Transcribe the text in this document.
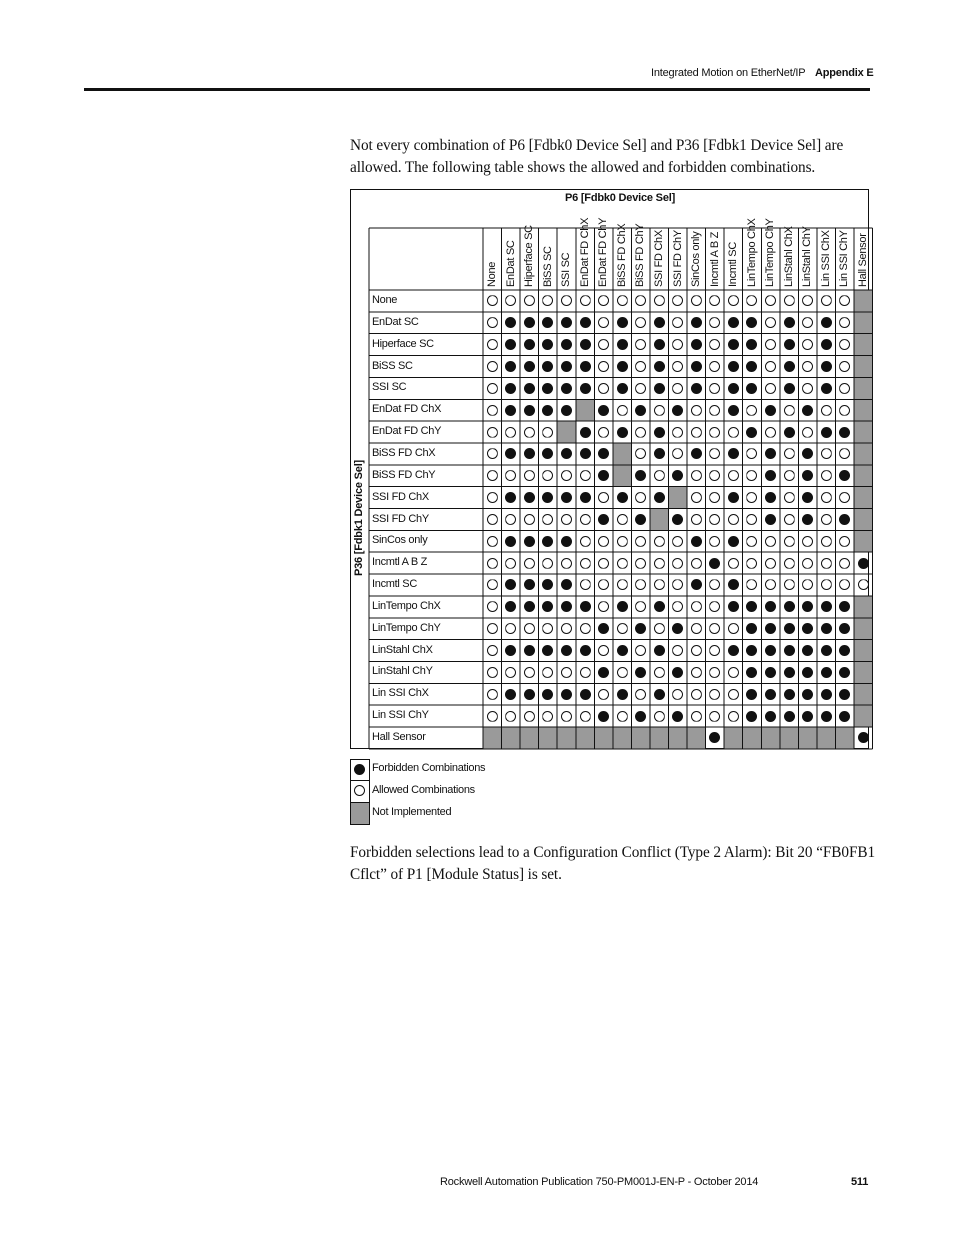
Integrated Motion on EtherNet/IP Appendix E

Not every combination of P6 [Fdbk0 Device Sel] and P36 [Fdbk1 Device Sel] are allowed. The following table shows the allowed and forbidden combinations.

P6 [Fdbk0 Device Sel]
P36 [Fdbk1 Device Sel]
None EnDat SC Hiperface SC BiSS SC SSI SC EnDat FD ChX EnDat FD ChY BiSS FD ChX BiSS FD ChY SSI FD ChX SSI FD ChY SinCos only Incmtl A B Z Incmtl SC LinTempo ChX LinTempo ChY LinStahl ChX LinStahl ChY Lin SSI ChX Lin SSI ChY Hall Sensor
None
EnDat SC
Hiperface SC
BiSS SC
SSI SC
EnDat FD ChX
EnDat FD ChY
BiSS FD ChX
BiSS FD ChY
SSI FD ChX
SSI FD ChY
SinCos only
Incmtl A B Z
Incmtl SC
LinTempo ChX
LinTempo ChY
LinStahl ChX
LinStahl ChY
Lin SSI ChX
Lin SSI ChY
Hall Sensor
Forbidden Combinations
Allowed Combinations
Not Implemented

Forbidden selections lead to a Configuration Conflict (Type 2 Alarm): Bit 20 “FB0FB1 Cflct” of P1 [Module Status] is set.

Rockwell Automation Publication 750-PM001J-EN-P - October 2014	511
